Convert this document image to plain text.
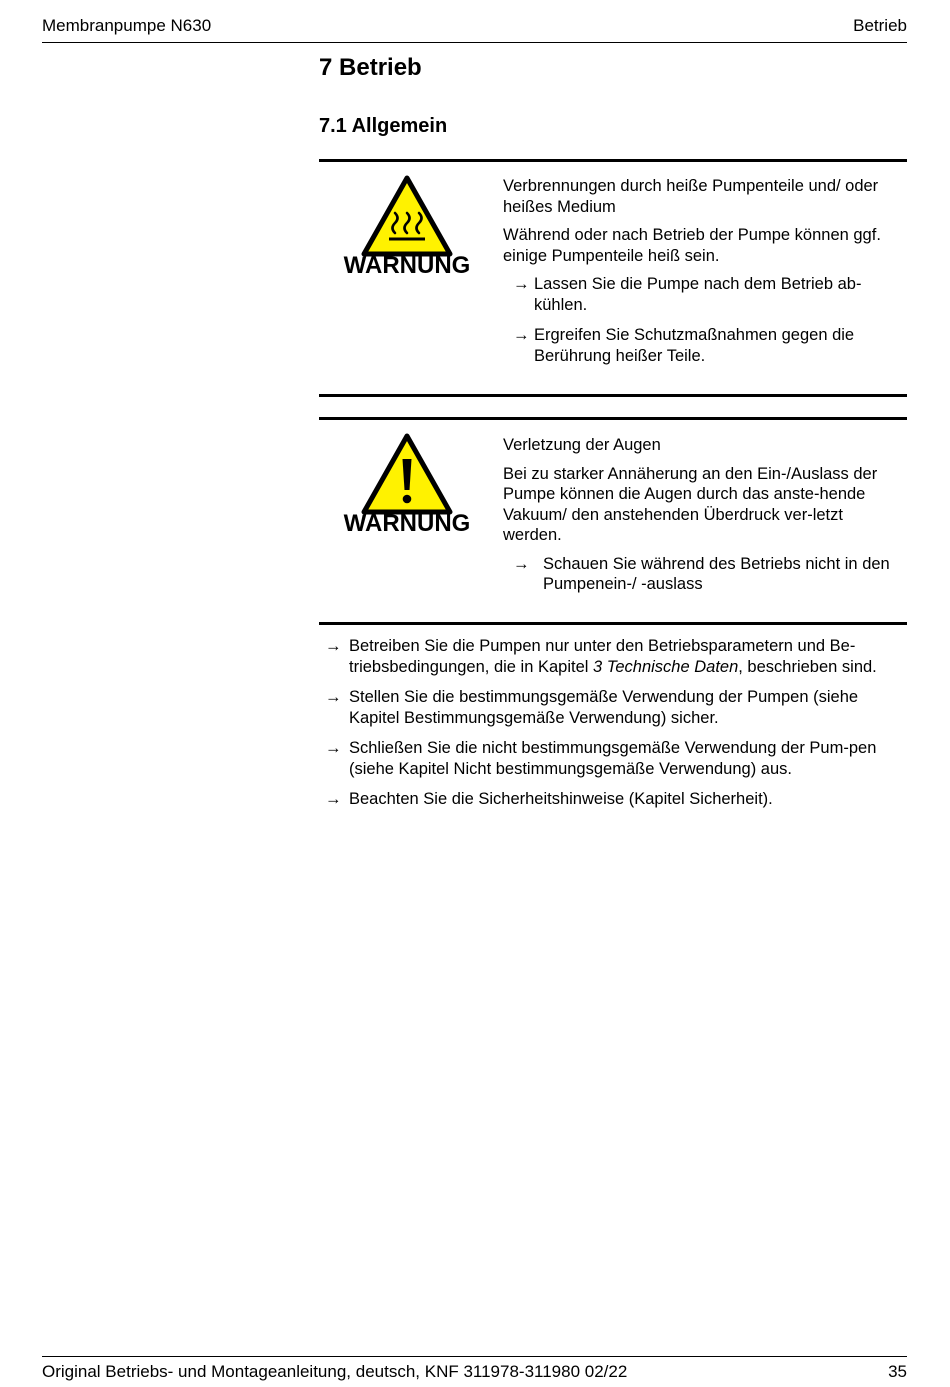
Membranpumpe N630	Betrieb
7 Betrieb
7.1 Allgemein
WARNUNG

Verbrennungen durch heiße Pumpenteile und/ oder heißes Medium

Während oder nach Betrieb der Pumpe können ggf. einige Pumpenteile heiß sein.

→ Lassen Sie die Pumpe nach dem Betrieb ab-kühlen.
→ Ergreifen Sie Schutzmaßnahmen gegen die Berührung heißer Teile.
WARNUNG

Verletzung der Augen

Bei zu starker Annäherung an den Ein-/Auslass der Pumpe können die Augen durch das anste-hende Vakuum/ den anstehenden Überdruck ver-letzt werden.

→ Schauen Sie während des Betriebs nicht in den Pumpenein-/ -auslass
→ Betreiben Sie die Pumpen nur unter den Betriebsparametern und Be-triebsbedingungen, die in Kapitel 3 Technische Daten, beschrieben sind.
→ Stellen Sie die bestimmungsgemäße Verwendung der Pumpen (siehe Kapitel Bestimmungsgemäße Verwendung) sicher.
→ Schließen Sie die nicht bestimmungsgemäße Verwendung der Pum-pen (siehe Kapitel Nicht bestimmungsgemäße Verwendung) aus.
→ Beachten Sie die Sicherheitshinweise (Kapitel Sicherheit).
Original Betriebs- und Montageanleitung, deutsch, KNF 311978-311980 02/22	35
